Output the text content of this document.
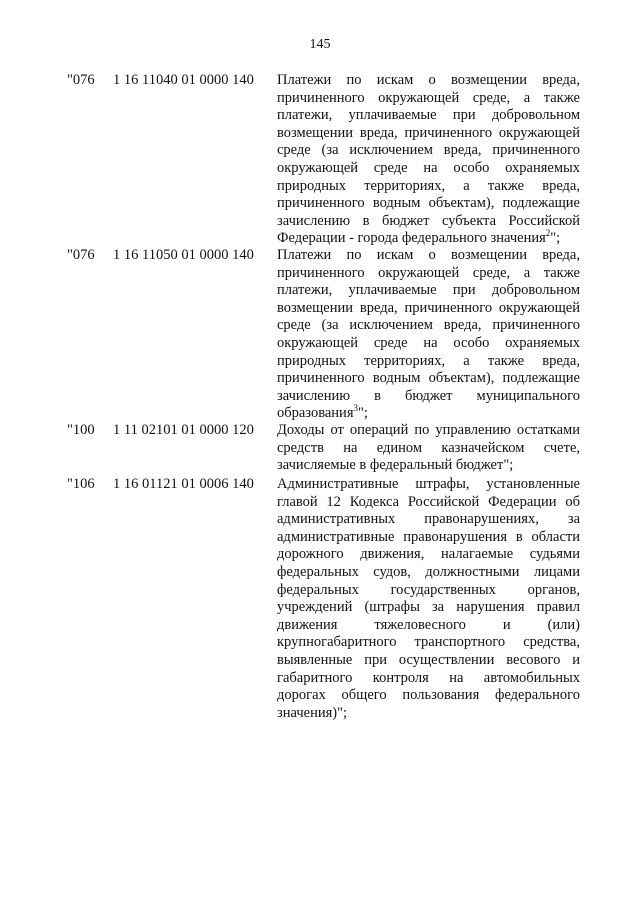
145
"076 1 16 11040 01 0000 140 Платежи по искам о возмещении вреда,
причиненного окружающей среде, а также
платежи, уплачиваемые при добровольном
возмещении вреда, причиненного окружающей
среде (за исключением вреда, причиненного
окружающей среде на особо охраняемых
природных территориях, а также вреда,
причиненного водным объектам), подлежащие
зачислению в бюджет субъекта Российской
Федерации - города федерального значения$^2$";
"076 1 16 11050 01 0000 140 Платежи по искам о возмещении вреда,
причиненного окружающей среде, а также
платежи, уплачиваемые при добровольном
возмещении вреда, причиненного окружающей
среде (за исключением вреда, причиненного
окружающей среде на особо охраняемых
природных территориях, а также вреда,
причиненного водным объектам), подлежащие
зачислению в бюджет муниципального
образования$^3$";
"100 1 11 02101 01 0000 120 Доходы от операций по управлению остатками
средств на едином казначейском счете,
зачисляемые в федеральный бюджет";
"106 1 16 01121 01 0006 140 Административные штрафы, установленные
главой 12 Кодекса Российской Федерации об
административных правонарушениях, за
административные правонарушения в области
дорожного движения, налагаемые судьями
федеральных судов, должностными лицами
федеральных государственных органов,
учреждений (штрафы за нарушения правил
движения тяжеловесного и (или)
крупногабаритного транспортного средства,
выявленные при осуществлении весового и
габаритного контроля на автомобильных
дорогах общего пользования федерального
значения)";
